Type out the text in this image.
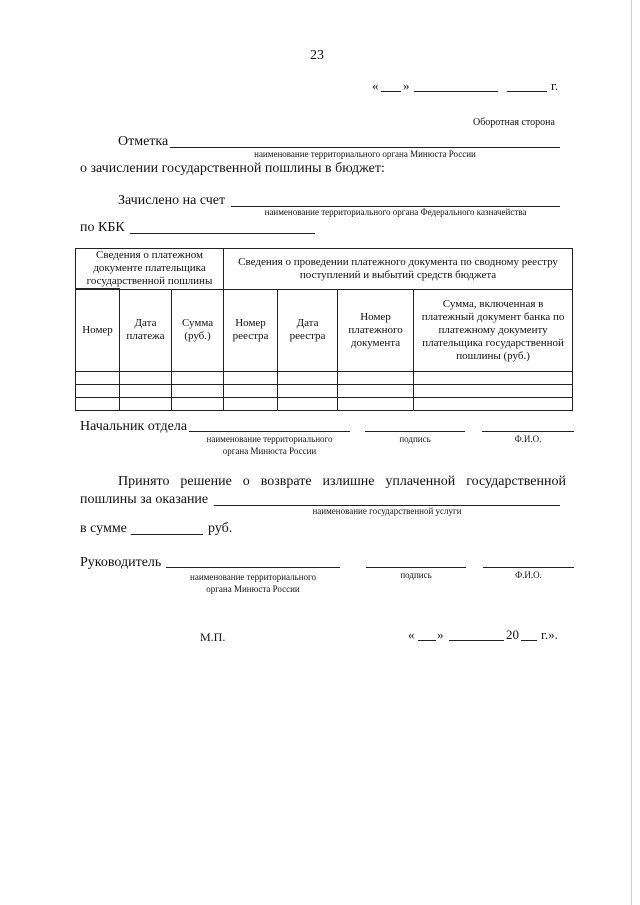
23
« »	г.
Оборотная сторона
Отметка
наименование территориального органа Минюста России
о зачислении государственной пошлины в бюджет:
Зачислено на счет
наименование территориального органа Федерального казначейства
по КБК
Сведения о платежном документе плательщика государственной пошлины			Сведения о проведении платежного документа по сводному реестру поступлений и выбытий средств бюджета			
Номер	Дата платежа	Сумма (руб.)	Номер реестра	Дата реестра	Номер платежного документа	Сумма, включенная в платежный документ банка по платежному документу плательщика государственной пошлины (руб.)

Начальник отдела
наименование территориального
органа Минюста России
подпись	Ф.И.О.
Принято решение о возврате излишне уплаченной государственной
пошлины за оказание
наименование государственной услуги
в сумме	руб.
Руководитель
наименование территориального
органа Минюста России
подпись	Ф.И.О.
М.П.	« »	20 г.».
